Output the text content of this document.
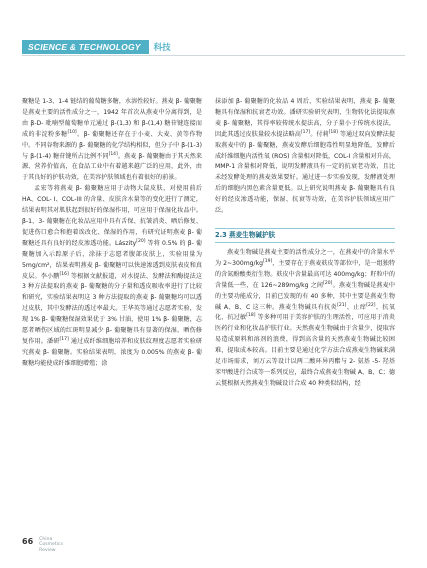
SCIENCE & TECHNOLOGY	科技

聚糖是 1-3、1-4 链结的葡萄糖多糖，水溶性较好。燕麦 β- 葡聚糖是燕麦主要的活性成分之一，1942 年首次从燕麦中分离得到，是由 β-D- 吡喃型葡萄糖单元通过 β-(1,3) 和 β-(1,4) 糖苷键连接而成的非淀粉多糖[10]。β- 葡聚糖还存在于小麦、大麦、黄等作物中。不同谷物来源的 β- 葡聚糖的化学结构相似，但分子中 β-(1-3) 与 β-(1-4) 糖苷键所占比例不同[14]。燕麦 β- 葡聚糖由于其天然来源、营养价值高，在食品工业中有着越来越广泛的应用，此外，由于其良好的护肤功效，在美容护肤领域也有着很好的前景。

孟宏等将燕麦 β- 葡聚糖应用于动物大鼠皮肤，对使用前后 HA、COL- I、COL-III 的含量、皮肤含水量等的变化进行了测定，结果表明其对肌肤起到很好的保湿作用，可应用于保湿化妆品中。β-1，3- 葡聚糖在化妆品应用中具有舌保、抗皱消炎、晒后修复、促进伤口愈合和抱着诶改化、保湿的作用，有研究证明燕麦 β- 葡聚糖还具有良好的经皮渗透功能。Lászity[20] 等将 0.5% 的 β- 葡聚糖加入示踪原子后，涂抹于志愿者腹部皮肤上，实验用量为 5mg/cm²，结果表明燕麦 β- 葡聚糖可以快速渗透到皮肤表皮和真皮层。李小鹏[16] 等根据文献报道，对水提法、发酵法和酶提法这 3 种方法提取的燕麦 β- 葡聚糖的分子量和透皮吸收率进行了比较和研究，实验结果表明这 3 种方法提取的燕麦 β- 葡聚糖均可以透过皮肤，其中发酵法的透过率最大。王华英等通过志愿者实验，发现 1% β- 葡聚糖保湿效果优于 3% 甘油，使用 1% β- 葡聚糖，志愿者晒伤区域的红斑明显减少 β- 葡聚糖具有显著的保湿、晒伤修复作用。潘研[17] 通过成纤维细胞培养和皮肤纹理度志愿者实验研究燕麦 β- 葡聚糖。实验结果表明，浓度为 0.005% 的燕麦 β- 葡聚糖均能使成纤维细胞增殖；涂

抹添加 β- 葡聚糖的化妆品 4 周后，实验结果表明，燕麦 β- 葡聚糖具有保湿和抗衰老功效。潘研实验研究表明，生物转化法提取燕麦 β- 葡聚糖，其得率较传统水提法高，分子量小于传统水提法，因此其透过皮肤量较水提法略高[17]。付莉[18] 等通过双向发酵法提取燕麦中的 β- 葡聚糖，燕麦发酵后细胞毒性明显地降低，发酵后成纤维细胞内活性氧 (ROS) 含量相对降低，COL-I 含量相对升高，MMP-1 含量相对降低，说明发酵液具有一定的抗衰老功效，且比未经发酵处理的燕麦效果要好。通过进一步实验发现，发酵液处理后的细胞内黑色素含量更低。以上研究说明燕麦 β- 葡聚糖具有良好的经皮渗透功能，保湿、抗衰等功效，在美容护肤领域应用广泛。

2.3 燕麦生物碱护肤

燕麦生物碱是燕麦主要的活性成分之一，在燕麦中的含量水平为 2~300mg/kg[19]，主要存在于燕麦麸皮等部位中，是一组独特的含氮酚酸类衍生物。麸皮中含量最高可达 400mg/kg；籽粒中的含量低一些，在 126~289mg/kg 之间[20]。燕麦生物碱是燕麦中的主要功能成分，目前已发现的有 40 多种，其中主要是燕麦生物碱 A、B、C 这三种。燕麦生物碱具有抗炎[21]、止痒[22]、抗氧化、抗过敏[18] 等多种可用于美容护肤的生理活性，可应用于消炎医药行业和化妆品护肤行业。天然燕麦生物碱由于含量少，提取容易造成原料和溶剂的浪费，得到高含量的天然燕麦生物碱比较困难，提取成本较高。目前主要是通过化学方法合成燕麦生物碱来满足市场需求，刘万云等设计以两二酸环异丙酯与 2- 氨基 -5- 羟基苯甲酸进行合成等一系列反应，最终合成燕麦生物碱 A、B、C；德云鬘根据天然燕麦生物碱设计合成 40 种类似结构，经

66 China
Cosmetics
Review
